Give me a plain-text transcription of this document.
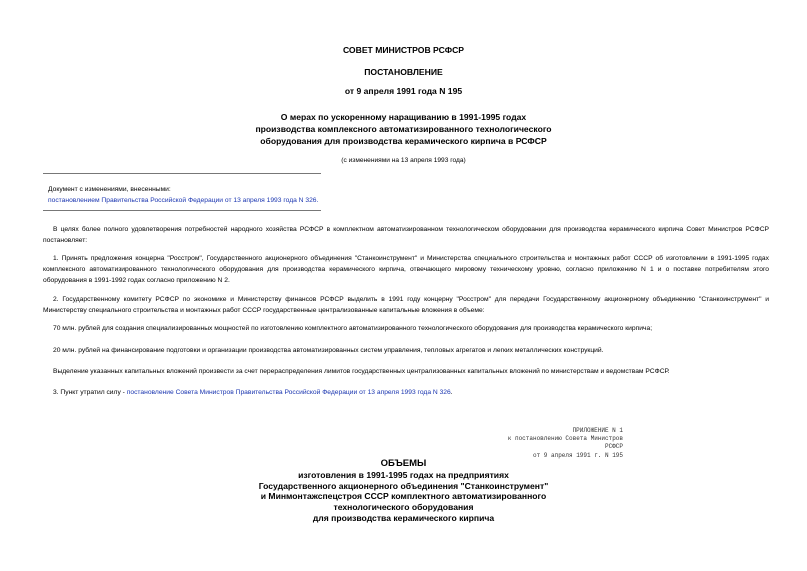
СОВЕТ МИНИСТРОВ РСФСР
ПОСТАНОВЛЕНИЕ
от 9 апреля 1991 года N 195
О мерах по ускоренному наращиванию в 1991-1995 годах
производства комплексного автоматизированного технологического
оборудования для производства керамического кирпича в РСФСР
(с изменениями на 13 апреля 1993 года)
Документ с изменениями, внесенными:
постановлением Правительства Российской Федерации от 13 апреля 1993 года N 326.
В целях более полного удовлетворения потребностей народного хозяйства РСФСР в комплектном автоматизированном технологическом оборудовании для производства керамического кирпича Совет Министров РСФСР постановляет:
1. Принять предложения концерна "Росстром", Государственного акционерного объединения "Станкоинструмент" и Министерства специального строительства и монтажных работ СССР об изготовлении в 1991-1995 годах комплексного автоматизированного технологического оборудования для производства керамического кирпича, отвечающего мировому техническому уровню, согласно приложению N 1 и о поставке потребителям этого оборудования в 1991-1992 годах согласно приложению N 2.
2. Государственному комитету РСФСР по экономике и Министерству финансов РСФСР выделить в 1991 году концерну "Росстром" для передачи Государственному акционерному объединению "Станкоинструмент" и Министерству специального строительства и монтажных работ СССР государственные централизованные капитальные вложения в объеме:
70 млн. рублей для создания специализированных мощностей по изготовлению комплектного автоматизированного технологического оборудования для производства керамического кирпича;
20 млн. рублей на финансирование подготовки и организации производства автоматизированных систем управления, тепловых агрегатов и легких металлических конструкций.
Выделение указанных капитальных вложений произвести за счет перераспределения лимитов государственных централизованных капитальных вложений по министерствам и ведомствам РСФСР.
3. Пункт утратил силу - постановление Совета Министров Правительства Российской Федерации от 13 апреля 1993 года N 326.
ПРИЛОЖЕНИЕ N 1
к постановлению Совета Министров
РСФСР
от 9 апреля 1991 г. N 195
ОБЪЕМЫ
изготовления в 1991-1995 годах на предприятиях
Государственного акционерного объединения "Станкоинструмент"
и Минмонтажспецстроя СССР комплектного автоматизированного
технологического оборудования
для производства керамического кирпича
